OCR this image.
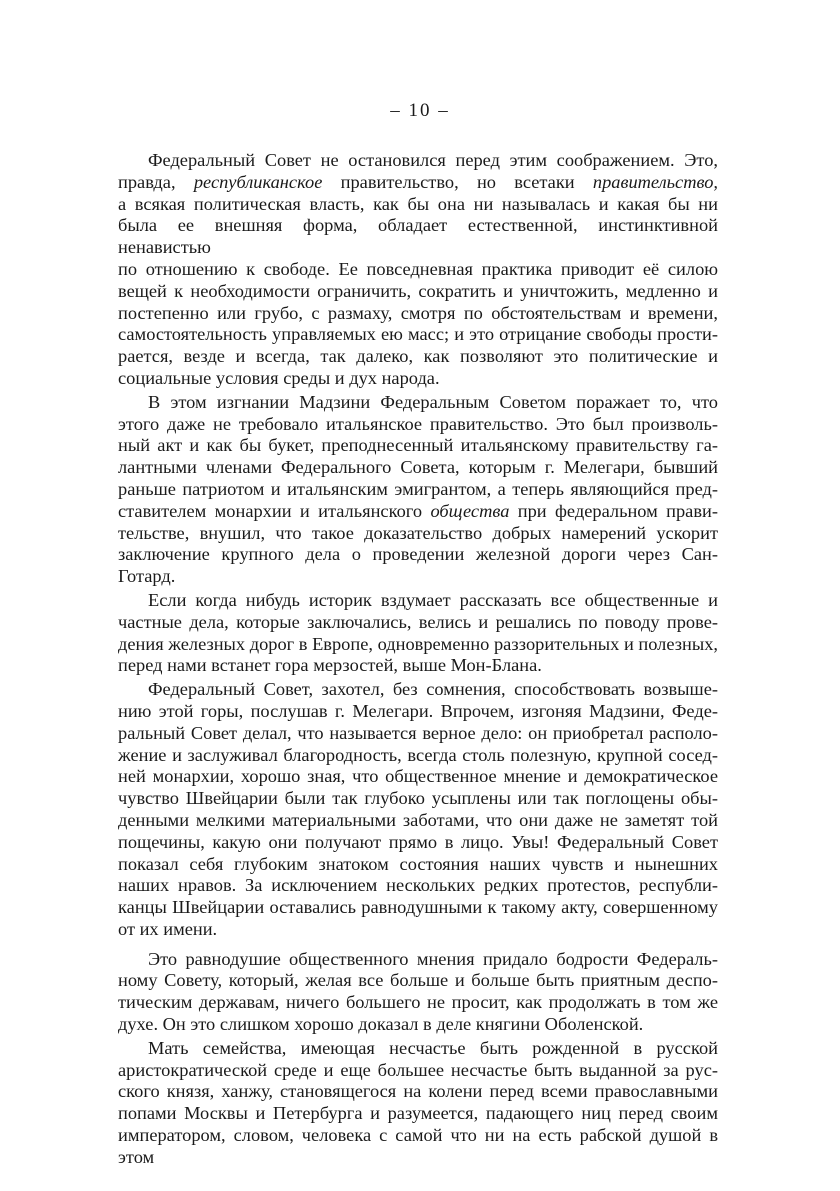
– 10 –

Федеральный Совет не остановился перед этим соображением. Это,
правда, республиканское правительство, но всетаки правительство,
а всякая политическая власть, как бы она ни называлась и какая бы ни
была ее внешняя форма, обладает естественной, инстинктивной ненавистью
по отношению к свободе. Ее повседневная практика приводит её силою
вещей к необходимости ограничить, сократить и уничтожить, медленно и
постепенно или грубо, с размаху, смотря по обстоятельствам и времени,
самостоятельность управляемых ею масс; и это отрицание свободы прости-
рается, везде и всегда, так далеко, как позволяют это политические и
социальные условия среды и дух народа.

В этом изгнании Мадзини Федеральным Советом поражает то, что
этого даже не требовало итальянское правительство. Это был произволь-
ный акт и как бы букет, преподнесенный итальянскому правительству га-
лантными членами Федерального Совета, которым г. Мелегари, бывший
раньше патриотом и итальянским эмигрантом, а теперь являющийся пред-
ставителем монархии и итальянского общества при федеральном прави-
тельстве, внушил, что такое доказательство добрых намерений ускорит
заключение крупного дела о проведении железной дороги через Сан-Готард.

Если когда нибудь историк вздумает рассказать все общественные и
частные дела, которые заключались, велись и решались по поводу прове-
дения железных дорог в Европе, одновременно раззорительных и полезных,
перед нами встанет гора мерзостей, выше Мон-Блана.

Федеральный Совет, захотел, без сомнения, способствовать возвыше-
нию этой горы, послушав г. Мелегари. Впрочем, изгоняя Мадзини, Феде-
ральный Совет делал, что называется верное дело: он приобретал располо-
жение и заслуживал благородность, всегда столь полезную, крупной сосед-
ней монархии, хорошо зная, что общественное мнение и демократическое
чувство Швейцарии были так глубоко усыплены или так поглощены обы-
денными мелкими материальными заботами, что они даже не заметят той
пощечины, какую они получают прямо в лицо. Увы! Федеральный Совет
показал себя глубоким знатоком состояния наших чувств и нынешних
наших нравов. За исключением нескольких редких протестов, республи-
канцы Швейцарии оставались равнодушными к такому акту, совершенному
от их имени.

Это равнодушие общественного мнения придало бодрости Федераль-
ному Совету, который, желая все больше и больше быть приятным деспо-
тическим державам, ничего большего не просит, как продолжать в том же
духе. Он это слишком хорошо доказал в деле княгини Оболенской.

Мать семейства, имеющая несчастье быть рожденной в русской
аристократической среде и еще большее несчастье быть выданной за рус-
ского князя, ханжу, становящегося на колени перед всеми православными
попами Москвы и Петербурга и разумеется, падающего ниц перед своим
императором, словом, человека с самой что ни на есть рабской душой в этом
